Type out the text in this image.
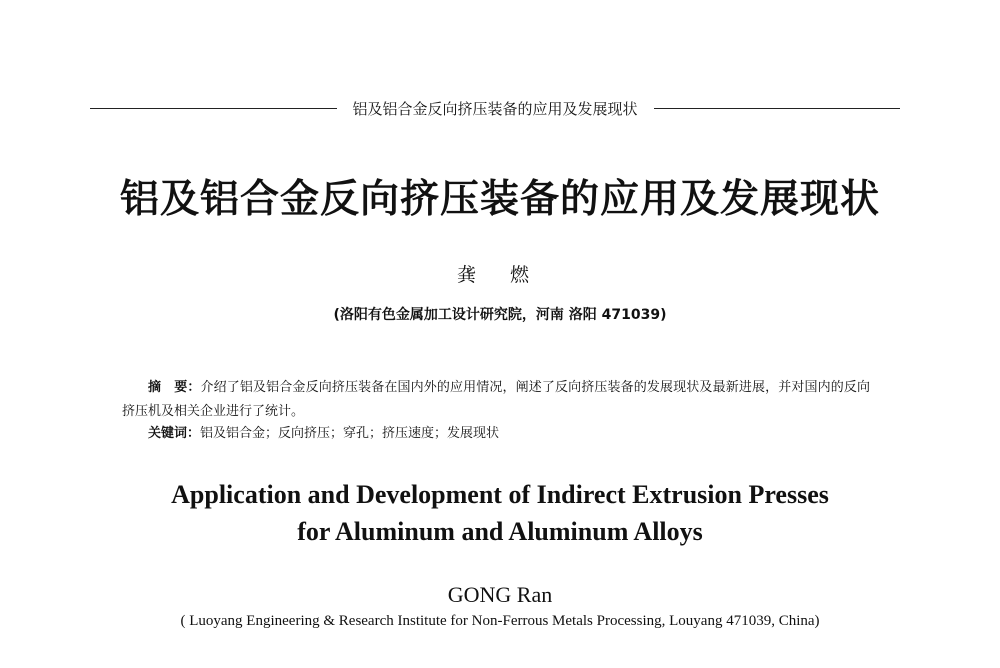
铝及铝合金反向挤压装备的应用及发展现状
铝及铝合金反向挤压装备的应用及发展现状
龚 燃
(洛阳有色金属加工设计研究院，河南 洛阳 471039)
摘　要：介绍了铝及铝合金反向挤压装备在国内外的应用情况，阐述了反向挤压装备的发展现状及最新进展，并对国内的反向挤压机及相关企业进行了统计。
关键词：铝及铝合金；反向挤压；穿孔；挤压速度；发展现状
Application and Development of Indirect Extrusion Presses
for Aluminum and Aluminum Alloys
GONG Ran
( Luoyang Engineering & Research Institute for Non-Ferrous Metals Processing, Louyang 471039, China)
